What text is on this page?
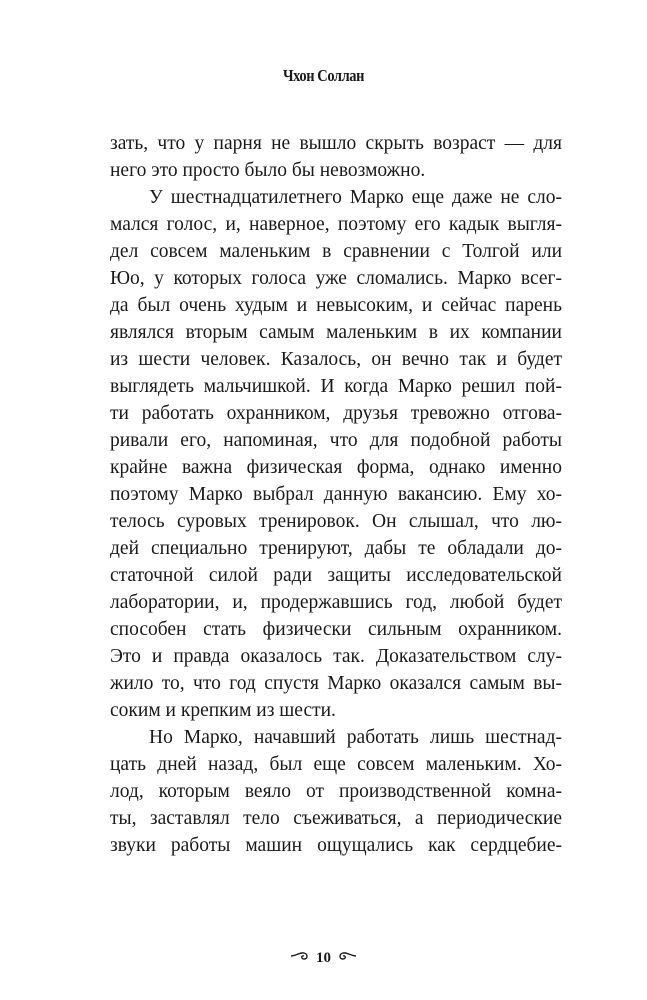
Чхон Соллан
зать, что у парня не вышло скрыть возраст — для
него это просто было бы невозможно.
У шестнадцатилетнего Марко еще даже не сло-
мался голос, и, наверное, поэтому его кадык выгля-
дел совсем маленьким в сравнении с Толгой или
Юо, у которых голоса уже сломались. Марко всег-
да был очень худым и невысоким, и сейчас парень
являлся вторым самым маленьким в их компании
из шести человек. Казалось, он вечно так и будет
выглядеть мальчишкой. И когда Марко решил пой-
ти работать охранником, друзья тревожно отгова-
ривали его, напоминая, что для подобной работы
крайне важна физическая форма, однако именно
поэтому Марко выбрал данную вакансию. Ему хо-
телось суровых тренировок. Он слышал, что лю-
дей специально тренируют, дабы те обладали до-
статочной силой ради защиты исследовательской
лаборатории, и, продержавшись год, любой будет
способен стать физически сильным охранником.
Это и правда оказалось так. Доказательством слу-
жило то, что год спустя Марко оказался самым вы-
соким и крепким из шести.
Но Марко, начавший работать лишь шестнад-
цать дней назад, был еще совсем маленьким. Хо-
лод, которым веяло от производственной комна-
ты, заставлял тело съеживаться, а периодические
звуки работы машин ощущались как сердцебие-
10
